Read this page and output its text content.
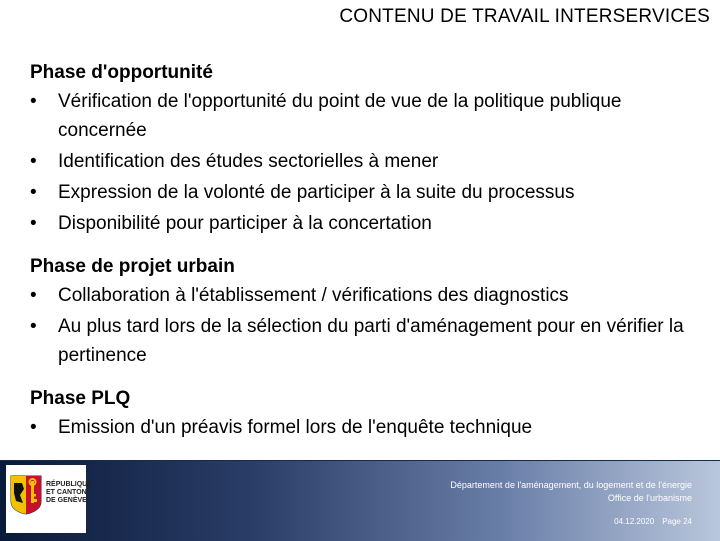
CONTENU DE TRAVAIL INTERSERVICES

Phase d'opportunité

•	Vérification de l'opportunité du point de vue de la politique publique concernée
•	Identification des études sectorielles à mener
•	Expression de la volonté de participer à la suite du processus
•	Disponibilité pour participer à la concertation

Phase de projet urbain

•	Collaboration à l'établissement / vérifications des diagnostics
•	Au plus tard lors de la sélection du parti d'aménagement pour en vérifier la pertinence

Phase PLQ

•	Emission d'un préavis formel lors de l'enquête technique
RÉPUBLIQUE
ET CANTON
DE GENÈVE
Département de l'aménagement, du logement et de l'énergie
Office de l'urbanisme
04.12.2020 Page 24
